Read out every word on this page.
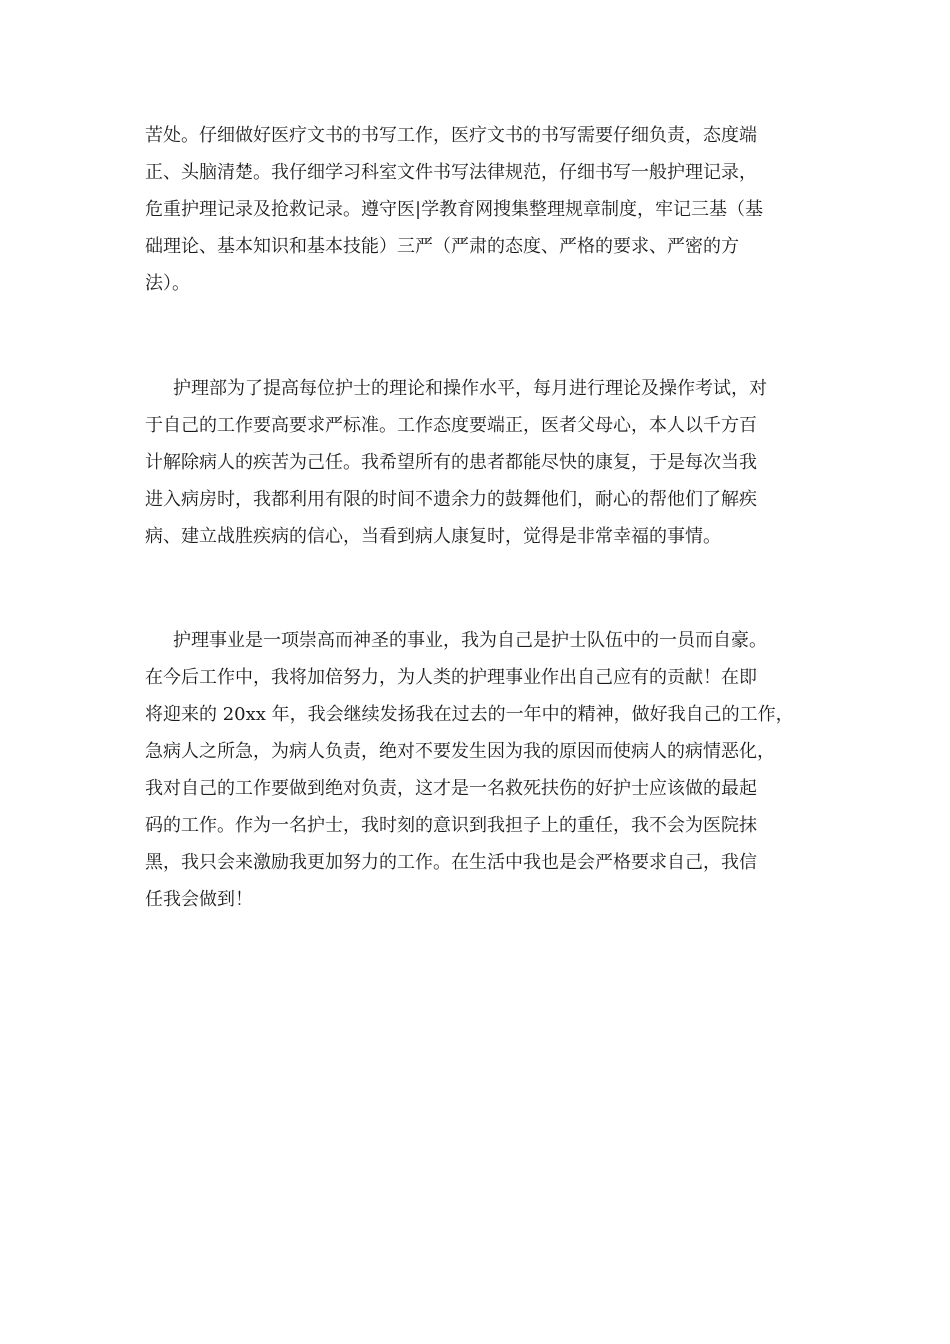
苦处。仔细做好医疗文书的书写工作，医疗文书的书写需要仔细负责，态度端
正、头脑清楚。我仔细学习科室文件书写法律规范，仔细书写一般护理记录，
危重护理记录及抢救记录。遵守医|学教育网搜集整理规章制度，牢记三基（基
础理论、基本知识和基本技能）三严（严肃的态度、严格的要求、严密的方
法）。
护理部为了提高每位护士的理论和操作水平，每月进行理论及操作考试，对
于自己的工作要高要求严标准。工作态度要端正，医者父母心，本人以千方百
计解除病人的疾苦为己任。我希望所有的患者都能尽快的康复，于是每次当我
进入病房时，我都利用有限的时间不遗余力的鼓舞他们，耐心的帮他们了解疾
病、建立战胜疾病的信心，当看到病人康复时，觉得是非常幸福的事情。
护理事业是一项崇高而神圣的事业，我为自己是护士队伍中的一员而自豪。
在今后工作中，我将加倍努力，为人类的护理事业作出自己应有的贡献！在即
将迎来的 20xx 年，我会继续发扬我在过去的一年中的精神，做好我自己的工作，
急病人之所急，为病人负责，绝对不要发生因为我的原因而使病人的病情恶化，
我对自己的工作要做到绝对负责，这才是一名救死扶伤的好护士应该做的最起
码的工作。作为一名护士，我时刻的意识到我担子上的重任，我不会为医院抹
黑，我只会来激励我更加努力的工作。在生活中我也是会严格要求自己，我信
任我会做到！
